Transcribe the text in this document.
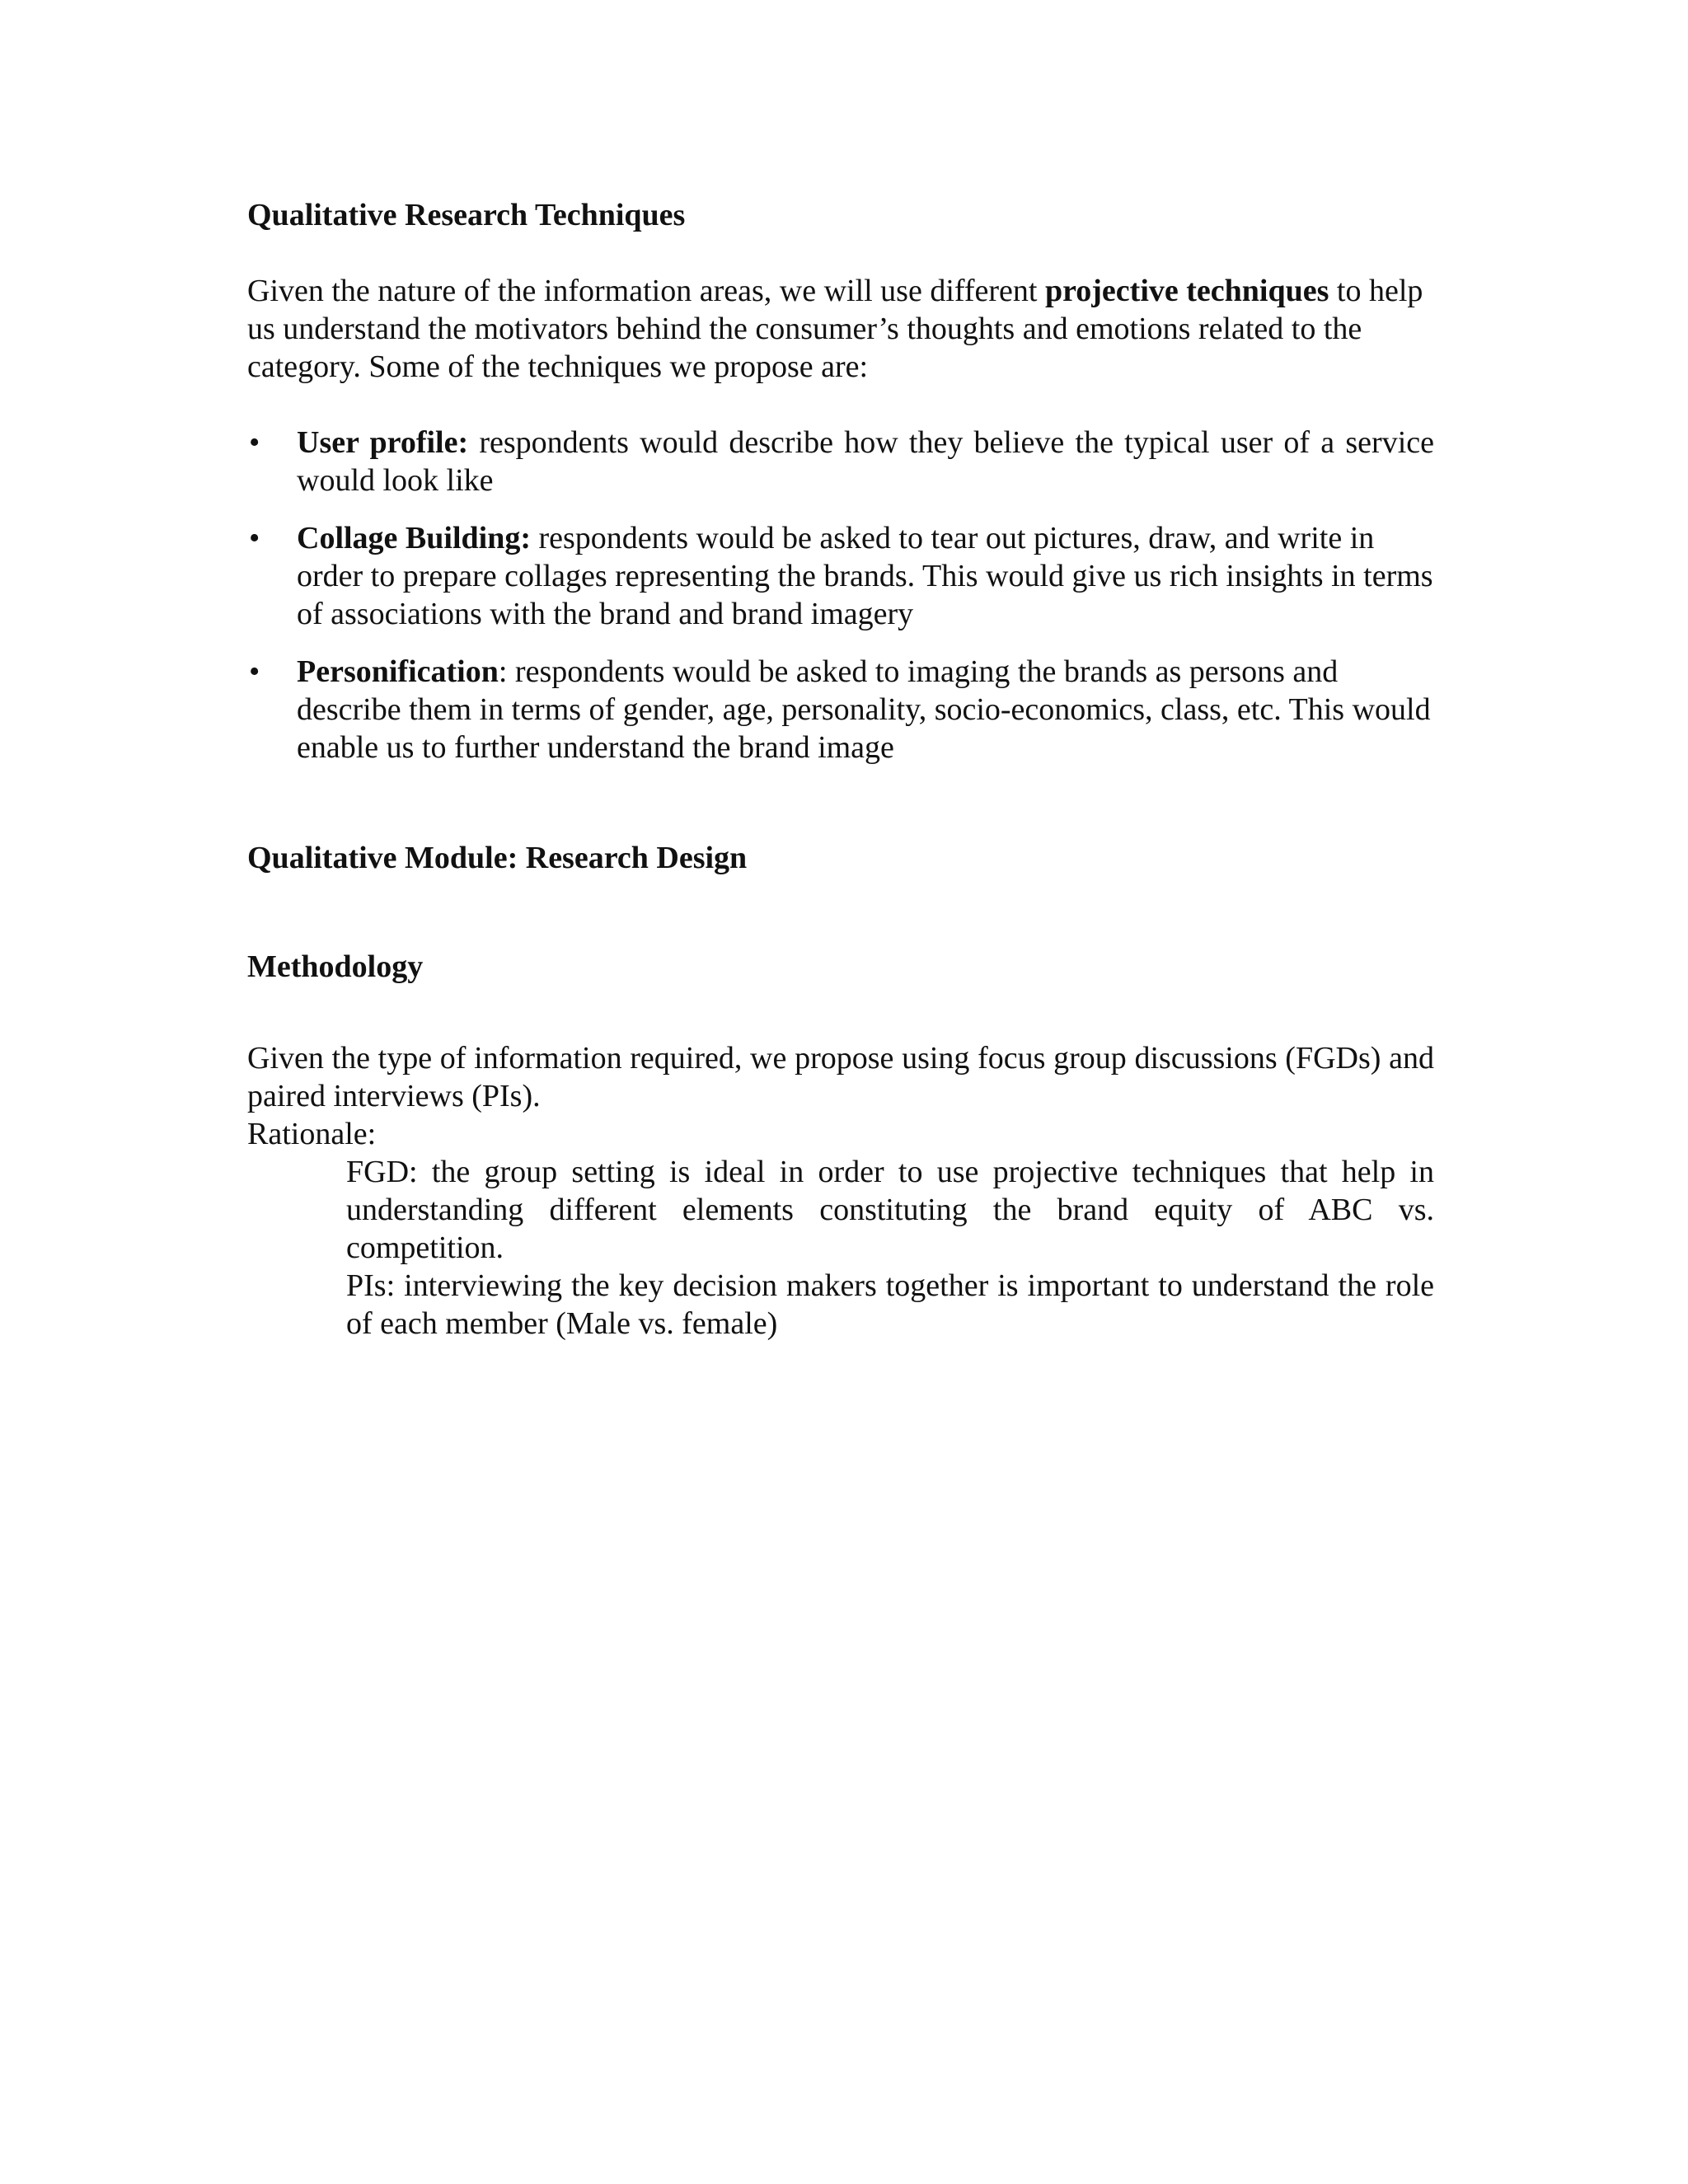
Qualitative Research Techniques

Given the nature of the information areas, we will use different projective techniques to help us understand the motivators behind the consumer’s thoughts and emotions related to the category. Some of the techniques we propose are:

• User profile: respondents would describe how they believe the typical user of a service would look like
• Collage Building: respondents would be asked to tear out pictures, draw, and write in order to prepare collages representing the brands. This would give us rich insights in terms of associations with the brand and brand imagery
• Personification: respondents would be asked to imaging the brands as persons and describe them in terms of gender, age, personality, socio-economics, class, etc. This would enable us to further understand the brand image
Qualitative Module: Research Design
Methodology

Given the type of information required, we propose using focus group discussions (FGDs) and paired interviews (PIs).

Rationale:

FGD: the group setting is ideal in order to use projective techniques that help in understanding different elements constituting the brand equity of ABC vs. competition.

PIs: interviewing the key decision makers together is important to understand the role of each member (Male vs. female)
